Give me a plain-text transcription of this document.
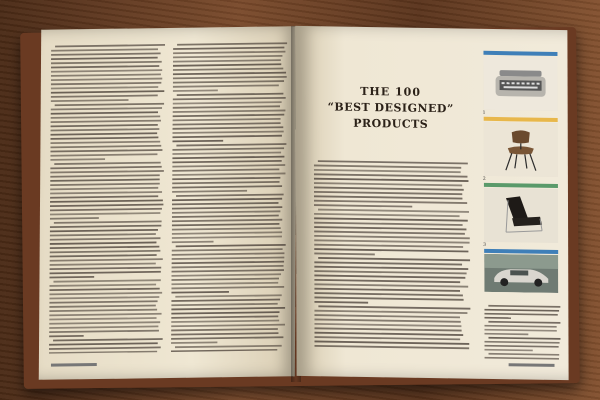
THE 100
“BEST DESIGNED”
PRODUCTS
1
2
3
